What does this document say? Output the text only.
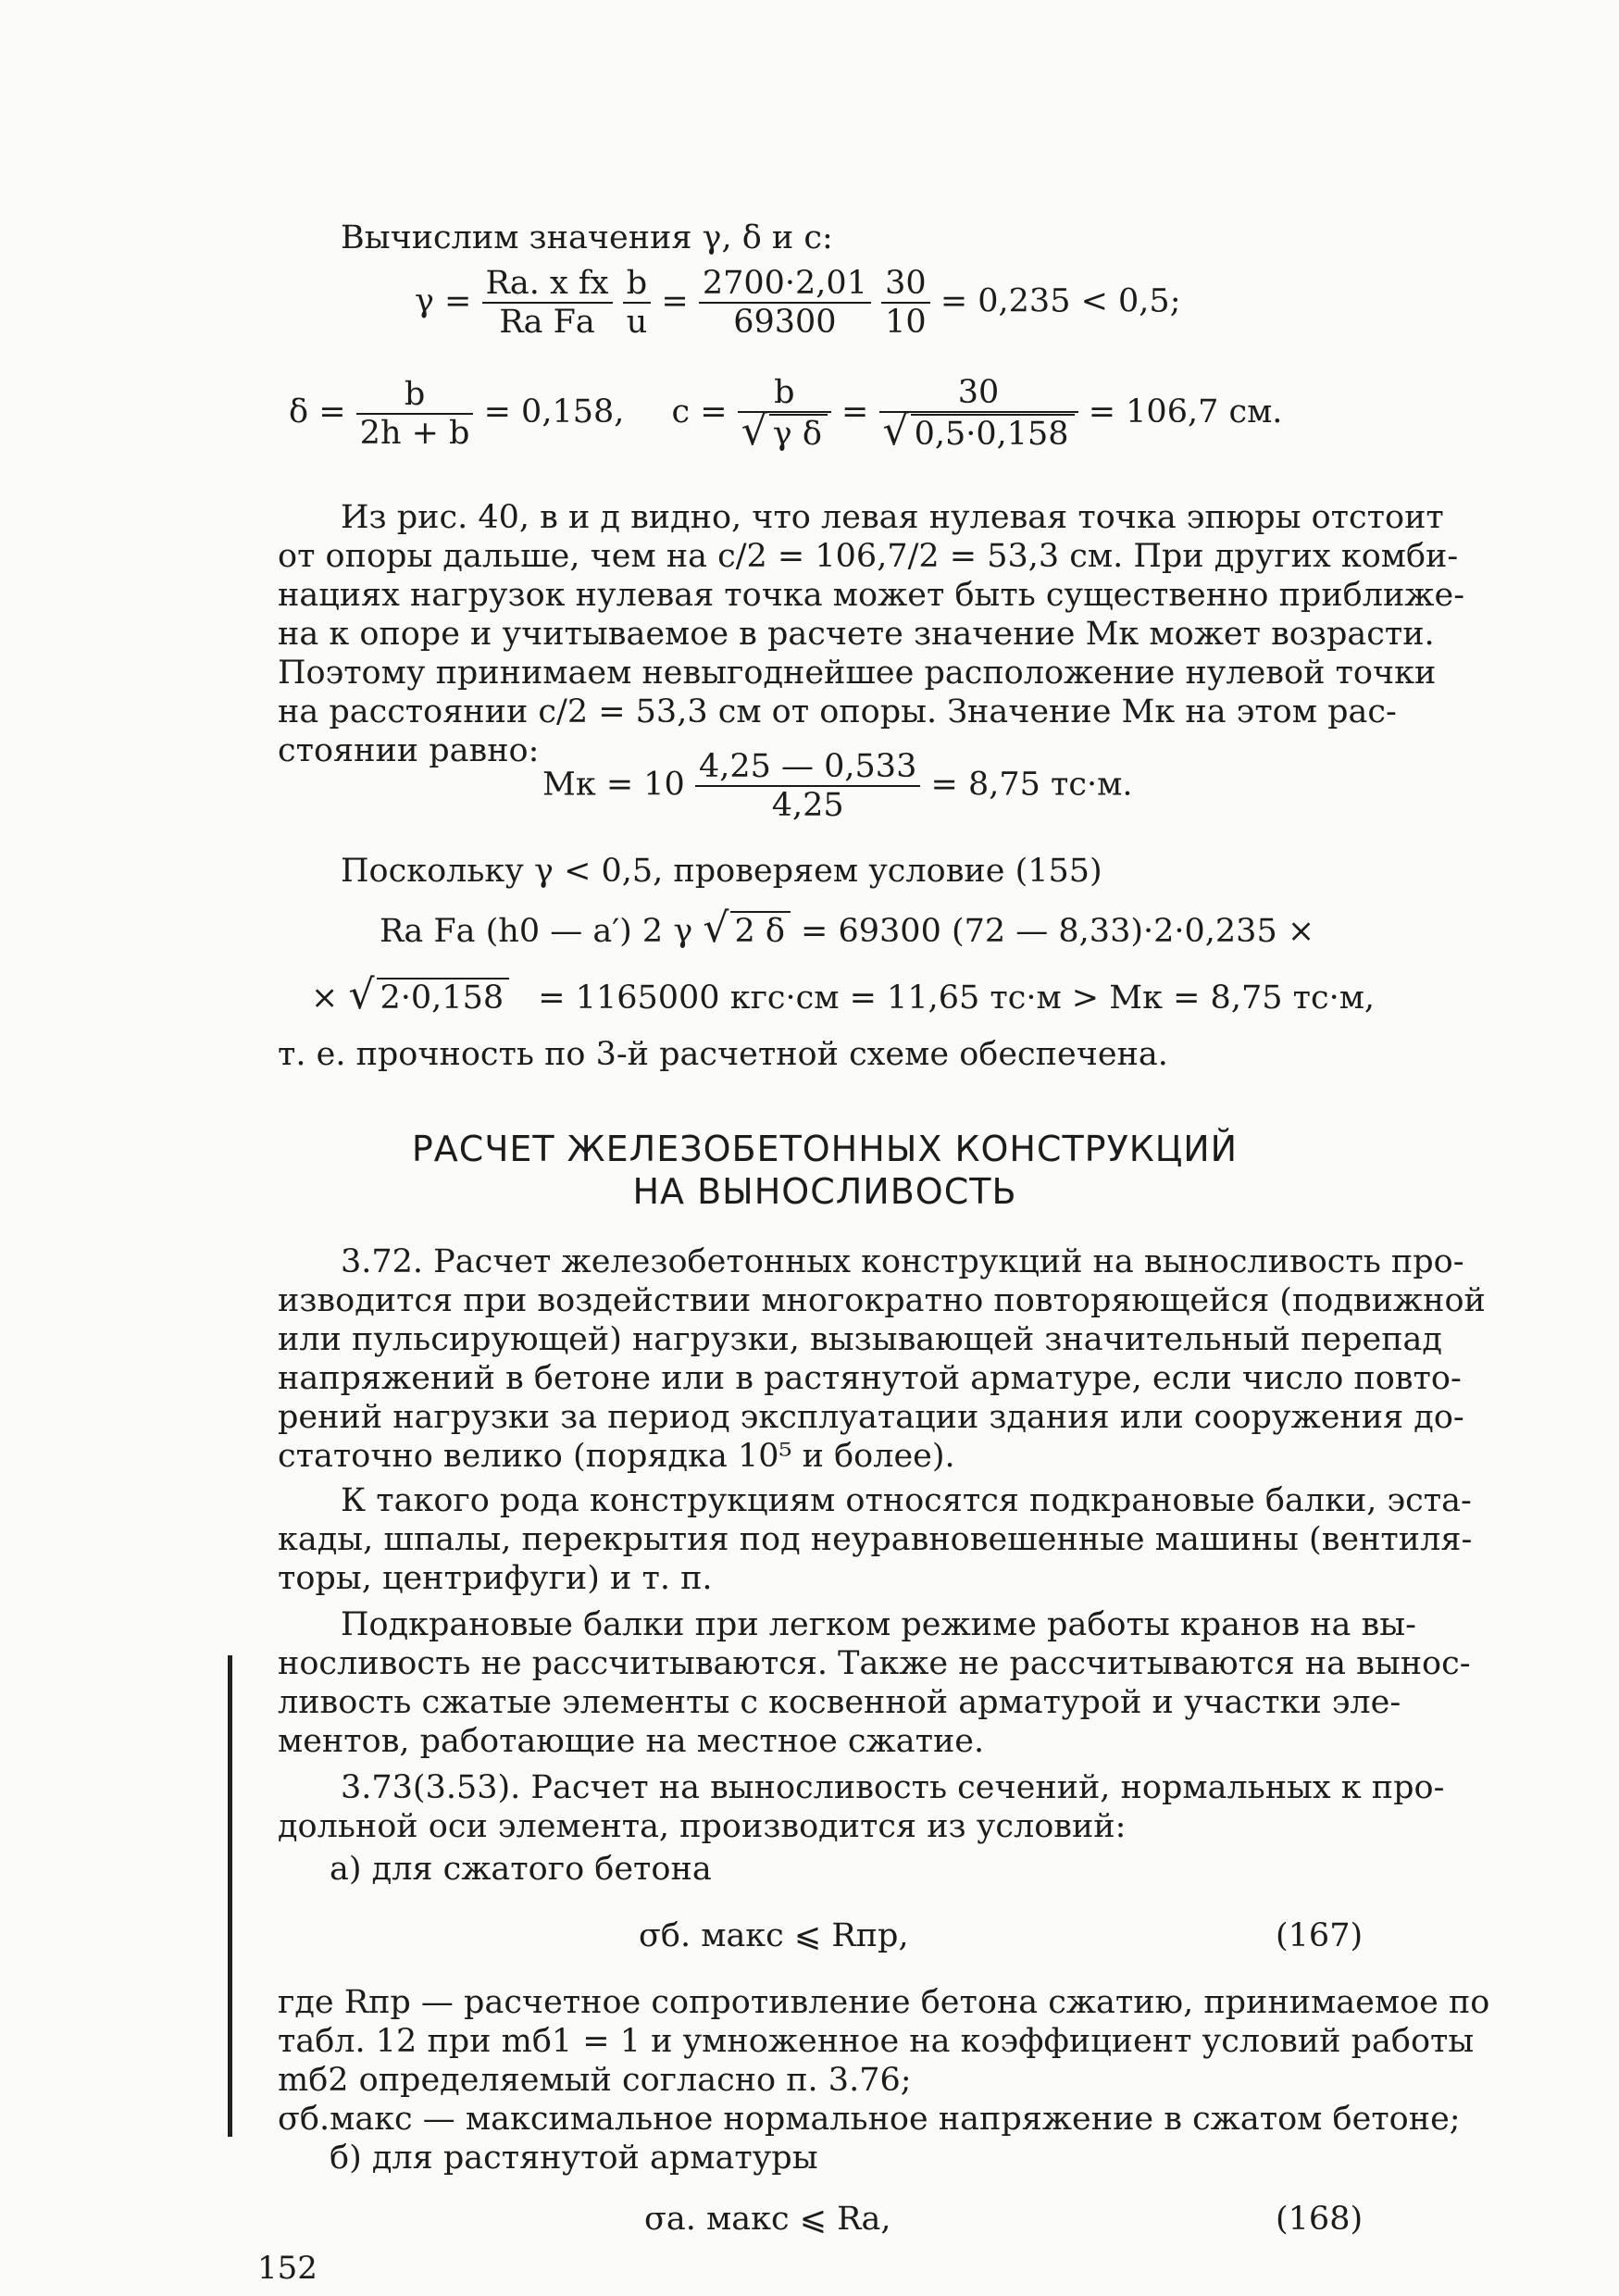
Вычислим значения γ, δ и c:
$\gamma = \frac{\text{Rа. x fх}}{\text{Rа Fа}}$
$\frac{b}{u} = \frac{2700\cdot 2,01}{69300}$
$\frac{30}{10} = 0,235 < 0,5$;
$\delta = \frac{b}{2h + b} = 0,158$, $c = \frac{b}{\text{√ γ δ}} = \frac{30}{√ 0,5\cdot 0,158} = 106,7$ см.
Из рис. 40, в и д видно, что левая нулевая точка эпюры отстоит
от опоры дальше, чем на c/2 = 106,7/2 = 53,3 см. При других комби-
нациях нагрузок нулевая точка может быть существенно приближе-
на к опоре и учитываемое в расчете значение Mк может возрасти.
Поэтому принимаем невыгоднейшее расположение нулевой точки
на расстоянии c/2 = 53,3 см от опоры. Значение Mк на этом рас-
стоянии равно:
Mк = $10 \frac{4,25 — 0,533}{4,25} = 8,75$ тс·м.
Поскольку γ < 0,5, проверяем условие (155)
Rа Fа (h0 — a′) 2 γ √ 2 δ = 69300 (72 — 8,33)·2·0,235 ×
× √ 2·0,158 = 1165000 кгс·см = 11,65 тс·м > Mк = 8,75 тс·м,
т. е. прочность по 3-й расчетной схеме обеспечена.
РАСЧЕТ ЖЕЛЕЗОБЕТОННЫХ КОНСТРУКЦИЙ
НА ВЫНОСЛИВОСТЬ
3.72. Расчет железобетонных конструкций на выносливость про-
изводится при воздействии многократно повторяющейся (подвижной
или пульсирующей) нагрузки, вызывающей значительный перепад
напряжений в бетоне или в растянутой арматуре, если число повто-
рений нагрузки за период эксплуатации здания или сооружения до-
статочно велико (порядка 10⁵ и более).
К такого рода конструкциям относятся подкрановые балки, эста-
кады, шпалы, перекрытия под неуравновешенные машины (вентиля-
торы, центрифуги) и т. п.
Подкрановые балки при легком режиме работы кранов на вы-
носливость не рассчитываются. Также не рассчитываются на вынос-
ливость сжатые элементы с косвенной арматурой и участки эле-
ментов, работающие на местное сжатие.
3.73(3.53). Расчет на выносливость сечений, нормальных к про-
дольной оси элемента, производится из условий:
а) для сжатого бетона
σб. макс ⩽ Rпр,	(167)
где Rпр — расчетное сопротивление бетона сжатию, принимаемое по
табл. 12 при mб1 = 1 и умноженное на коэффициент условий работы
mб2 определяемый согласно п. 3.76;
σб.макс — максимальное нормальное напряжение в сжатом бетоне;
б) для растянутой арматуры
σа. макс ⩽ Rа,	(168)
152
